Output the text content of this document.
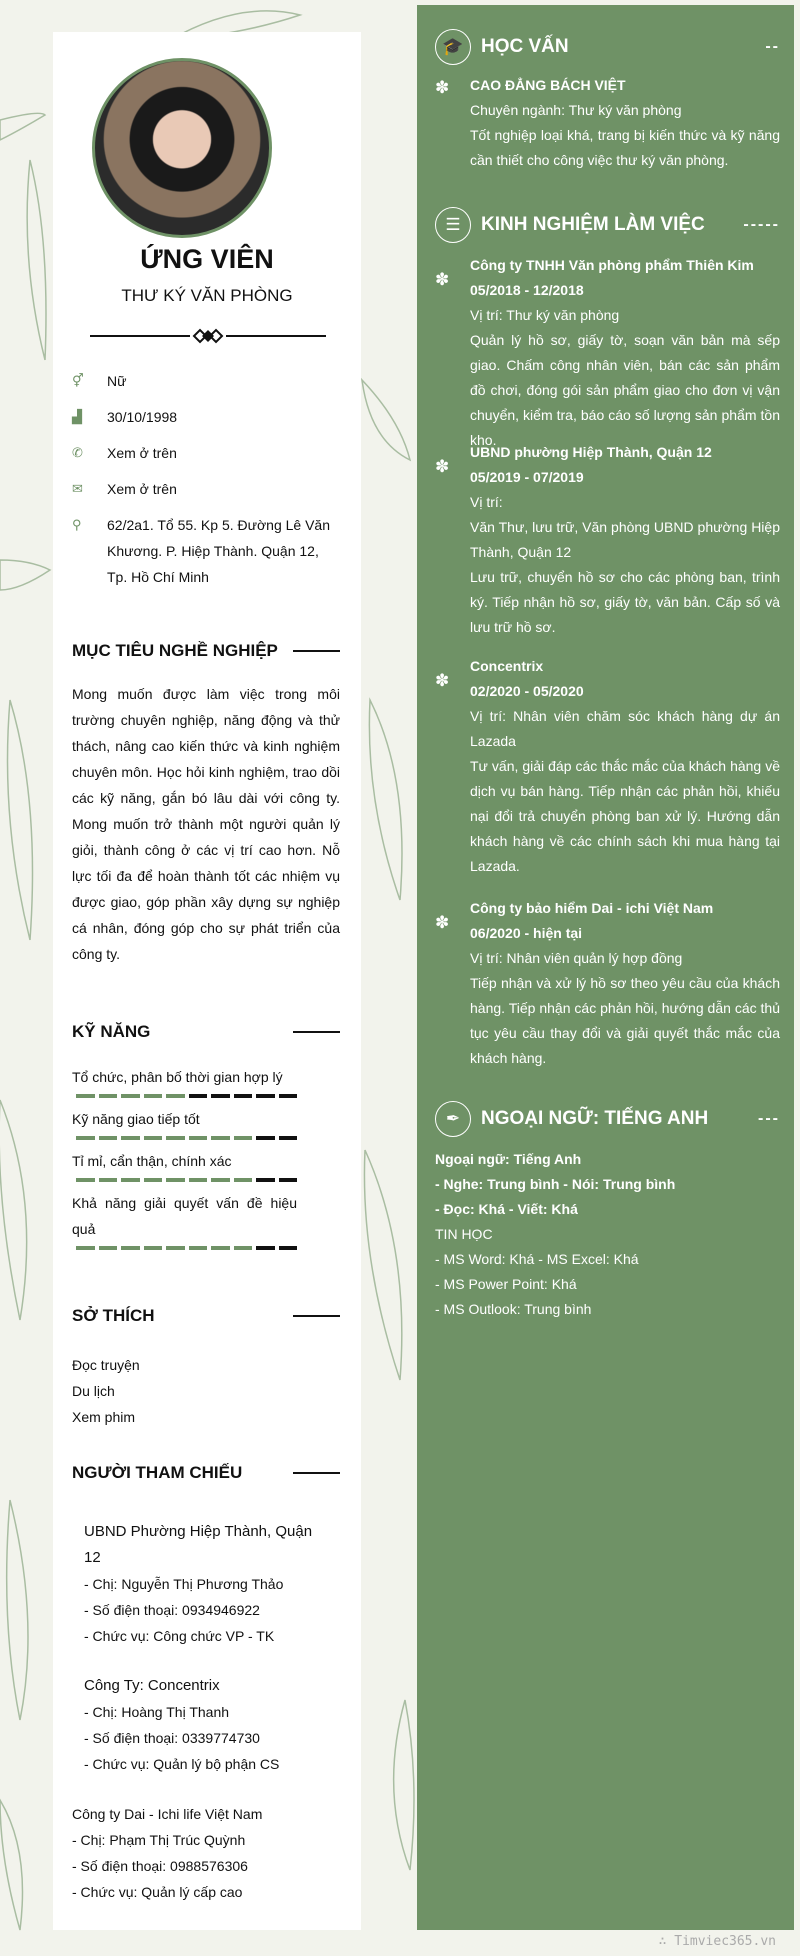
ỨNG VIÊN
THƯ KÝ VĂN PHÒNG
⚥	Nữ
▟	30/10/1998
✆	Xem ở trên
✉	Xem ở trên
⚲	62/2a1. Tổ 55. Kp 5. Đường Lê Văn Khương. P. Hiệp Thành. Quận 12, Tp. Hồ Chí Minh
MỤC TIÊU NGHỀ NGHIỆP

Mong muốn được làm việc trong môi trường chuyên nghiệp, năng động và thử thách, nâng cao kiến thức và kinh nghiệm chuyên môn. Học hỏi kinh nghiệm, trao dồi các kỹ năng, gắn bó lâu dài với công ty. Mong muốn trở thành một người quản lý giỏi, thành công ở các vị trí cao hơn. Nỗ lực tối đa để hoàn thành tốt các nhiệm vụ được giao, góp phần xây dựng sự nghiệp cá nhân, đóng góp cho sự phát triển của công ty.

KỸ NĂNG
Tổ chức, phân bố thời gian hợp lý
Kỹ năng giao tiếp tốt
Tỉ mỉ, cẩn thận, chính xác
Khả năng giải quyết vấn đề hiệu quả
SỞ THÍCH
Đọc truyện
Du lịch
Xem phim
NGƯỜI THAM CHIẾU
UBND Phường Hiệp Thành, Quận 12
- Chị: Nguyễn Thị Phương Thảo
- Số điện thoại: 0934946922
- Chức vụ: Công chức VP - TK
Công Ty: Concentrix
- Chị: Hoàng Thị Thanh
- Số điện thoại: 0339774730
- Chức vụ: Quản lý bộ phận CS
Công ty Dai - Ichi life Việt Nam
- Chị: Phạm Thị Trúc Quỳnh
- Số điện thoại: 0988576306
- Chức vụ: Quản lý cấp cao
🎓 HỌC VẤN	--
✽ CAO ĐẲNG BÁCH VIỆT
Chuyên ngành: Thư ký văn phòng
Tốt nghiệp loại khá, trang bị kiến thức và kỹ năng cần thiết cho công việc thư ký văn phòng.
☰	KINH NGHIỆM LÀM VIỆC	-----
✽
Công ty TNHH Văn phòng phẩm Thiên Kim
05/2018 - 12/2018
Vị trí: Thư ký văn phòng
Quản lý hồ sơ, giấy tờ, soạn văn bản mà sếp giao. Chấm công nhân viên, bán các sản phẩm đồ chơi, đóng gói sản phẩm giao cho đơn vị vận chuyển, kiểm tra, báo cáo số lượng sản phẩm tồn kho.
✽
UBND phường Hiệp Thành, Quận 12
05/2019 - 07/2019
Vị trí:
Văn Thư, lưu trữ, Văn phòng UBND phường Hiệp Thành, Quận 12
Lưu trữ, chuyển hồ sơ cho các phòng ban, trình ký. Tiếp nhận hồ sơ, giấy tờ, văn bản. Cấp số và lưu trữ hồ sơ.
✽
Concentrix
02/2020 - 05/2020
Vị trí: Nhân viên chăm sóc khách hàng dự án Lazada
Tư vấn, giải đáp các thắc mắc của khách hàng về dịch vụ bán hàng. Tiếp nhận các phản hồi, khiếu nại đổi trả chuyển phòng ban xử lý. Hướng dẫn khách hàng về các chính sách khi mua hàng tại Lazada.
✽
Công ty bảo hiểm Dai - ichi Việt Nam
06/2020 - hiện tại
Vị trí: Nhân viên quản lý hợp đồng
Tiếp nhận và xử lý hồ sơ theo yêu cầu của khách hàng. Tiếp nhận các phản hồi, hướng dẫn các thủ tục yêu cầu thay đổi và giải quyết thắc mắc của khách hàng.
✒	NGOẠI NGỮ: TIẾNG ANH	---
Ngoại ngữ: Tiếng Anh
- Nghe: Trung bình - Nói: Trung bình
- Đọc: Khá - Viết: Khá
TIN HỌC
- MS Word: Khá - MS Excel: Khá
- MS Power Point: Khá
- MS Outlook: Trung bình
∴ Timviec365.vn
